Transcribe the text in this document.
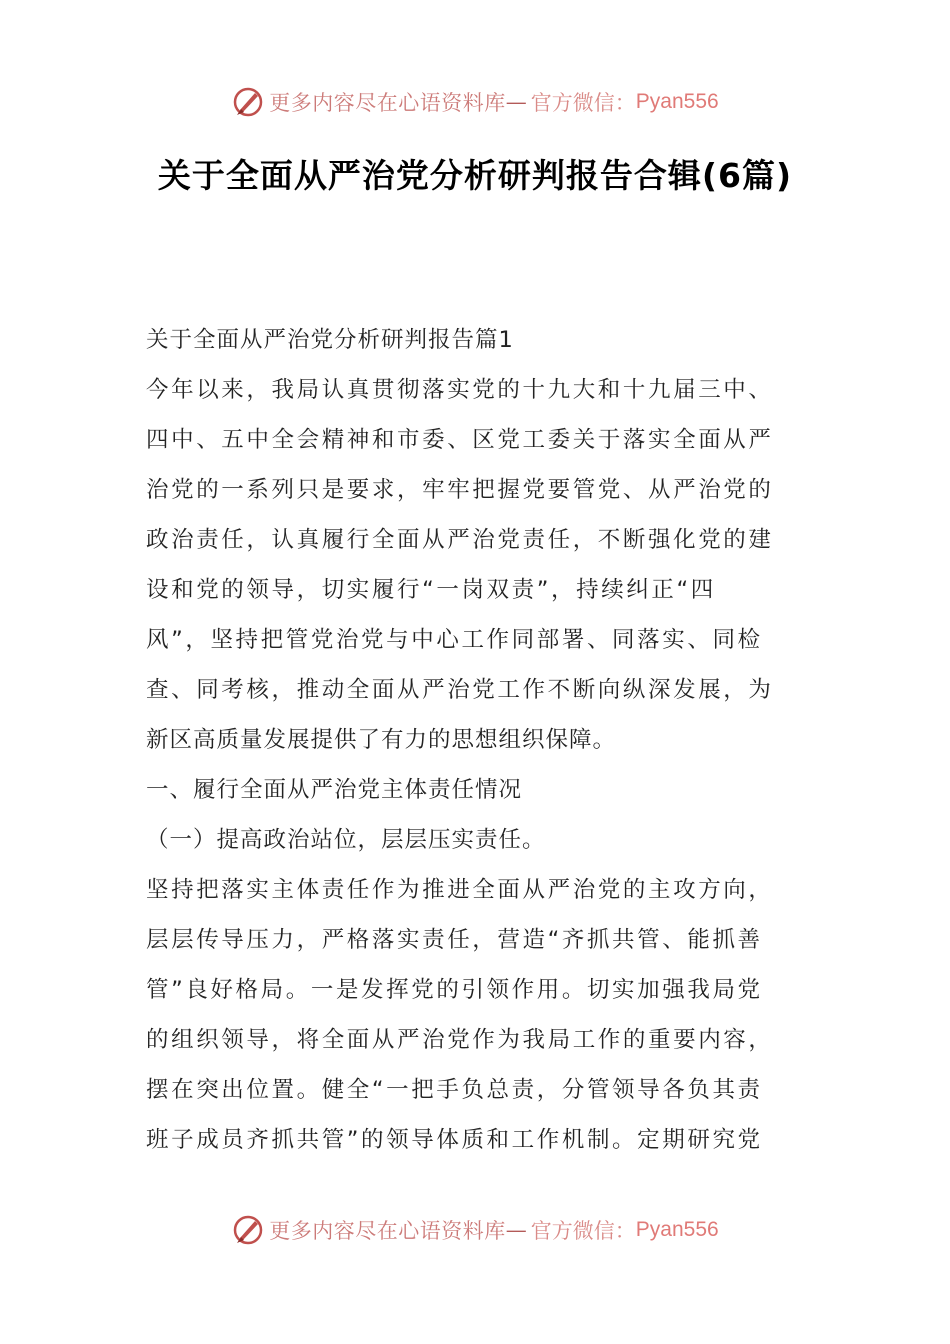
更多内容尽在心语资料库 — 官方微信： Pyan556
关于全面从严治党分析研判报告合辑(6篇)
关于全面从严治党分析研判报告篇1
今年以来，我局认真贯彻落实党的十九大和十九届三中、
四中、五中全会精神和市委、区党工委关于落实全面从严
治党的一系列只是要求，牢牢把握党要管党、从严治党的
政治责任，认真履行全面从严治党责任，不断强化党的建
设和党的领导，切实履行“一岗双责”，持续纠正“四
风”，坚持把管党治党与中心工作同部署、同落实、同检
查、同考核，推动全面从严治党工作不断向纵深发展，为
新区高质量发展提供了有力的思想组织保障。
一、履行全面从严治党主体责任情况
（一）提高政治站位，层层压实责任。
坚持把落实主体责任作为推进全面从严治党的主攻方向，
层层传导压力，严格落实责任，营造“齐抓共管、能抓善
管”良好格局。一是发挥党的引领作用。切实加强我局党
的组织领导，将全面从严治党作为我局工作的重要内容，
摆在突出位置。健全“一把手负总责，分管领导各负其责
班子成员齐抓共管”的领导体质和工作机制。定期研究党
更多内容尽在心语资料库 — 官方微信： Pyan556
